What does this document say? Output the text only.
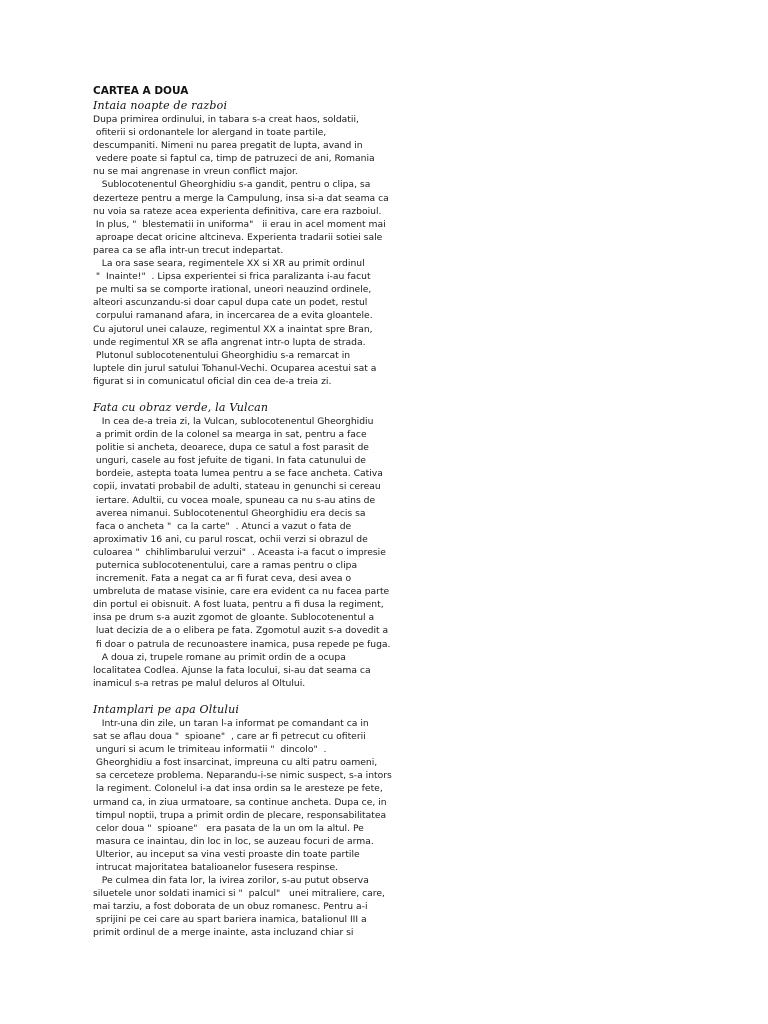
CARTEA A DOUA
Intaia noapte de razboi
Dupa primirea ordinului, in tabara s-a creat haos, soldatii,
ofiterii si ordonantele lor alergand in toate partile,
descumpaniti. Nimeni nu parea pregatit de lupta, avand in
vedere poate si faptul ca, timp de patruzeci de ani, Romania
nu se mai angrenase in vreun conflict major.
Sublocotenentul Gheorghidiu s-a gandit, pentru o clipa, sa
dezerteze pentru a merge la Campulung, insa si-a dat seama ca
nu voia sa rateze acea experienta definitiva, care era razboiul.
In plus, "  blestematii in uniforma"   ii erau in acel moment mai
aproape decat oricine altcineva. Experienta tradarii sotiei sale
parea ca se afla intr-un trecut indepartat.
La ora sase seara, regimentele XX si XR au primit ordinul
"  Inainte!"  . Lipsa experientei si frica paralizanta i-au facut
pe multi sa se comporte irational, uneori neauzind ordinele,
alteori ascunzandu-si doar capul dupa cate un podet, restul
corpului ramanand afara, in incercarea de a evita gloantele.
Cu ajutorul unei calauze, regimentul XX a inaintat spre Bran,
unde regimentul XR se afla angrenat intr-o lupta de strada.
Plutonul sublocotenentului Gheorghidiu s-a remarcat in
luptele din jurul satului Tohanul-Vechi. Ocuparea acestui sat a
figurat si in comunicatul oficial din cea de-a treia zi.
Fata cu obraz verde, la Vulcan
In cea de-a treia zi, la Vulcan, sublocotenentul Gheorghidiu
a primit ordin de la colonel sa mearga in sat, pentru a face
politie si ancheta, deoarece, dupa ce satul a fost parasit de
unguri, casele au fost jefuite de tigani. In fata catunului de
bordeie, astepta toata lumea pentru a se face ancheta. Cativa
copii, invatati probabil de adulti, stateau in genunchi si cereau
iertare. Adultii, cu vocea moale, spuneau ca nu s-au atins de
averea nimanui. Sublocotenentul Gheorghidiu era decis sa
faca o ancheta "  ca la carte"  . Atunci a vazut o fata de
aproximativ 16 ani, cu parul roscat, ochii verzi si obrazul de
culoarea "  chihlimbarului verzui"  . Aceasta i-a facut o impresie
puternica sublocotenentului, care a ramas pentru o clipa
incremenit. Fata a negat ca ar fi furat ceva, desi avea o
umbreluta de matase visinie, care era evident ca nu facea parte
din portul ei obisnuit. A fost luata, pentru a fi dusa la regiment,
insa pe drum s-a auzit zgomot de gloante. Sublocotenentul a
luat decizia de a o elibera pe fata. Zgomotul auzit s-a dovedit a
fi doar o patrula de recunoastere inamica, pusa repede pe fuga.
A doua zi, trupele romane au primit ordin de a ocupa
localitatea Codlea. Ajunse la fata locului, si-au dat seama ca
inamicul s-a retras pe malul deluros al Oltului.
Intamplari pe apa Oltului
Intr-una din zile, un taran l-a informat pe comandant ca in
sat se aflau doua "  spioane"  , care ar fi petrecut cu ofiterii
unguri si acum le trimiteau informatii "  dincolo"  .
Gheorghidiu a fost insarcinat, impreuna cu alti patru oameni,
sa cerceteze problema. Neparandu-i-se nimic suspect, s-a intors
la regiment. Colonelul i-a dat insa ordin sa le aresteze pe fete,
urmand ca, in ziua urmatoare, sa continue ancheta. Dupa ce, in
timpul noptii, trupa a primit ordin de plecare, responsabilitatea
celor doua "  spioane"   era pasata de la un om la altul. Pe
masura ce inaintau, din loc in loc, se auzeau focuri de arma.
Ulterior, au inceput sa vina vesti proaste din toate partile
intrucat majoritatea batalioanelor fusesera respinse.
Pe culmea din fata lor, la ivirea zorilor, s-au putut observa
siluetele unor soldati inamici si "  palcul"   unei mitraliere, care,
mai tarziu, a fost doborata de un obuz romanesc. Pentru a-i
sprijini pe cei care au spart bariera inamica, batalionul III a
primit ordinul de a merge inainte, asta incluzand chiar si
